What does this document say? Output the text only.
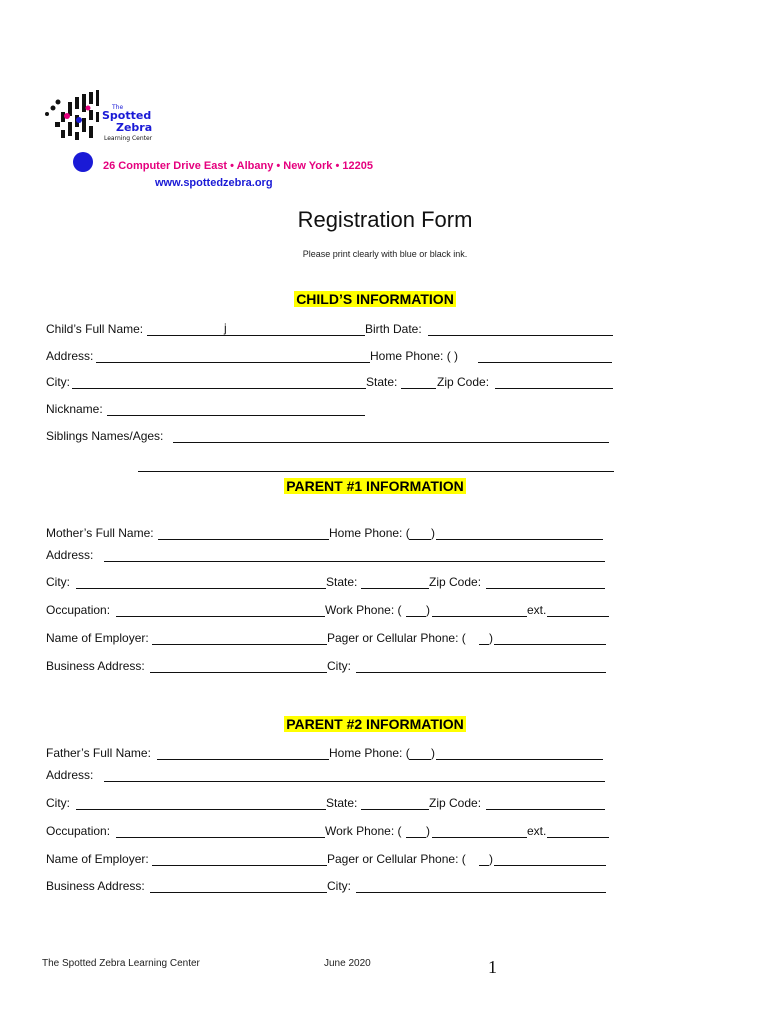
The
Spotted
Zebra
Learning Center
26 Computer Drive East • Albany • New York • 12205
www.spottedzebra.org
Registration Form
Please print clearly with blue or black ink.
CHILD’S INFORMATION
Child’s Full Name:	j	Birth Date:
Address:	Home Phone: ( )
City:	State:	Zip Code:
Nickname:
Siblings Names/Ages:
PARENT #1 INFORMATION
Mother’s Full Name:	Home Phone: ( )
Address:
City:	State:	Zip Code:
Occupation:	Work Phone: ( )	ext.
Name of Employer:	Pager or Cellular Phone: ( )
Business Address:	City:
PARENT #2 INFORMATION
Father’s Full Name:	Home Phone: ( )
Address:
City:	State:	Zip Code:
Occupation:	Work Phone: ( )	ext.
Name of Employer:	Pager or Cellular Phone: ( )
Business Address:	City:
The Spotted Zebra Learning Center	June 2020	1
